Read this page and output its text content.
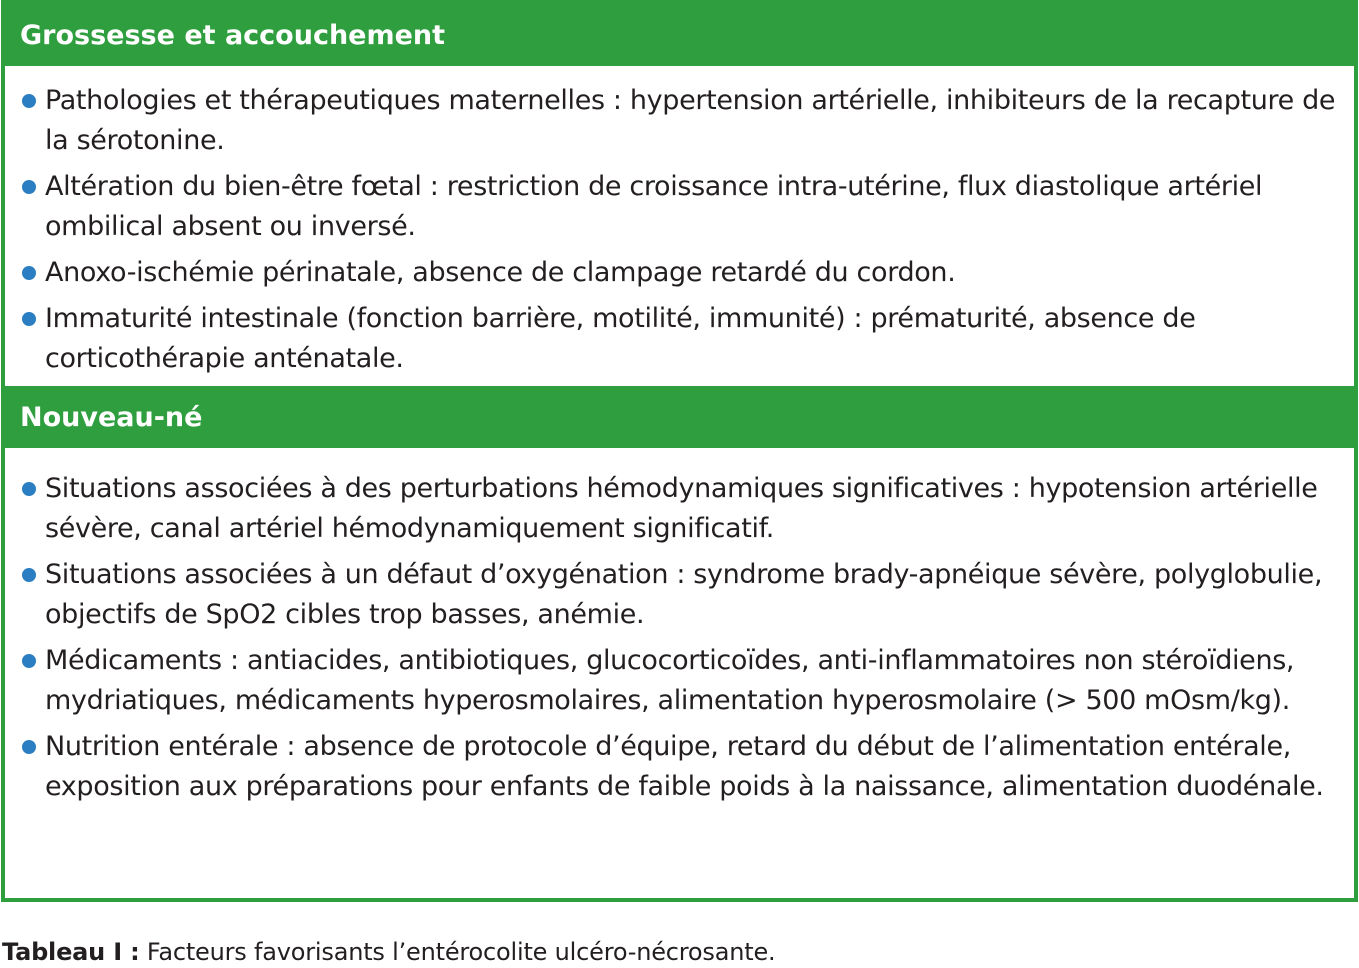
Grossesse et accouchement
Pathologies et thérapeutiques maternelles : hypertension artérielle, inhibiteurs de la recapture de la sérotonine.
Altération du bien-être fœtal : restriction de croissance intra-utérine, flux diastolique artériel ombilical absent ou inversé.
Anoxo-ischémie périnatale, absence de clampage retardé du cordon.
Immaturité intestinale (fonction barrière, motilité, immunité) : prématurité, absence de corticothérapie anténatale.
Nouveau-né
Situations associées à des perturbations hémodynamiques significatives : hypotension artérielle sévère, canal artériel hémodynamiquement significatif.
Situations associées à un défaut d’oxygénation : syndrome brady-apnéique sévère, polyglobulie, objectifs de SpO2 cibles trop basses, anémie.
Médicaments : antiacides, antibiotiques, glucocorticoïdes, anti-inflammatoires non stéroïdiens, mydriatiques, médicaments hyperosmolaires, alimentation hyperosmolaire (> 500 mOsm/kg).
Nutrition entérale : absence de protocole d’équipe, retard du début de l’alimentation entérale, exposition aux préparations pour enfants de faible poids à la naissance, alimentation duodénale.
Tableau I : Facteurs favorisants l’entérocolite ulcéro-nécrosante.
